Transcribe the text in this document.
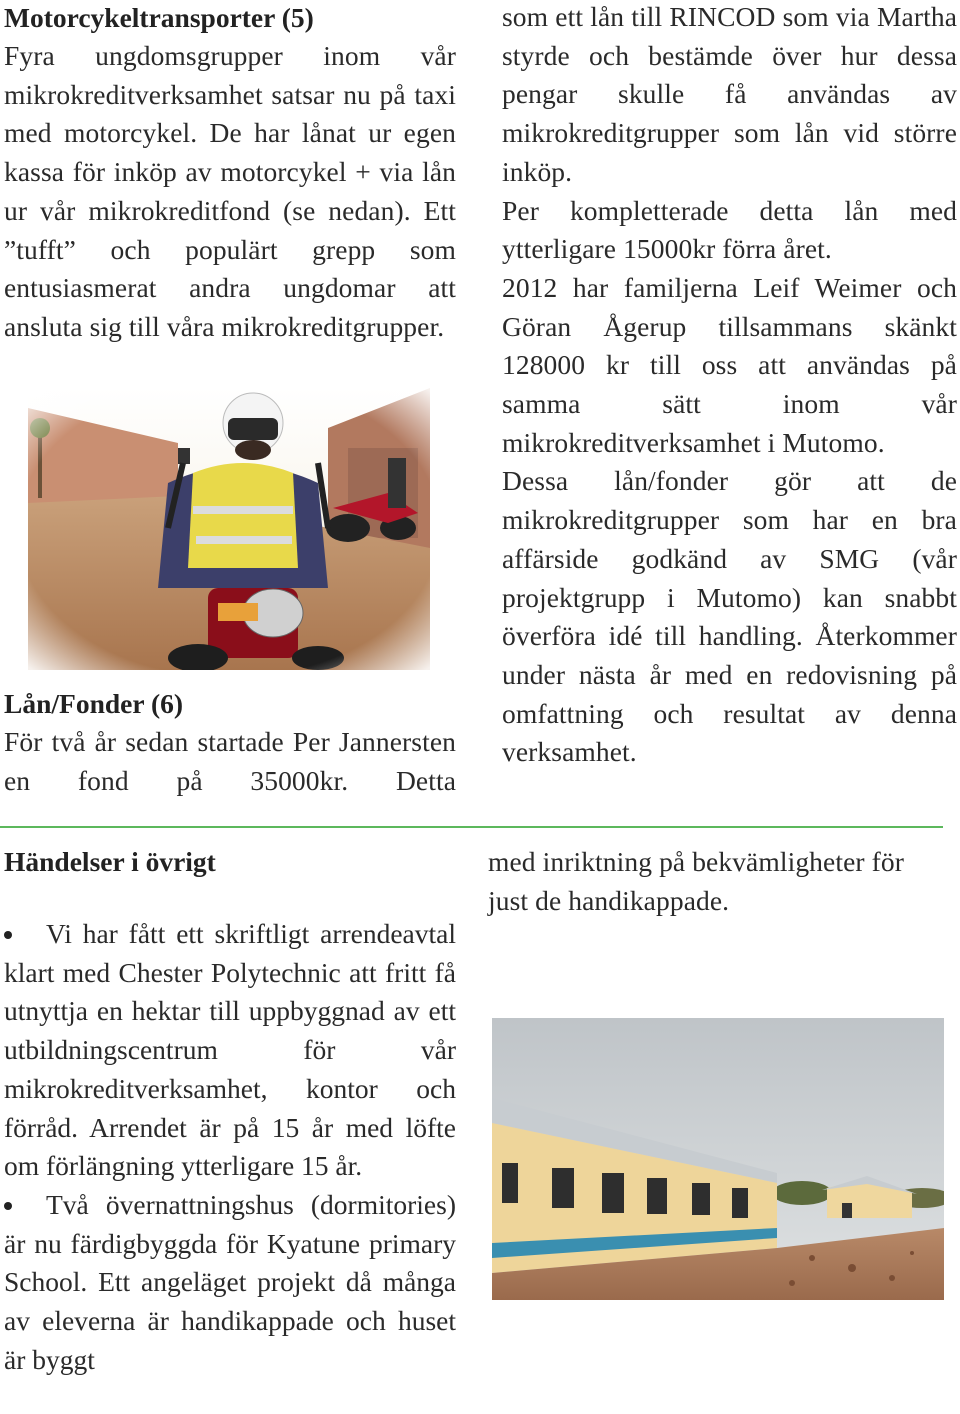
Motorcykeltransporter (5)

Fyra ungdomsgrupper inom vår mikrokreditverksamhet satsar nu på taxi med motorcykel. De har lånat ur egen kassa för inköp av motorcykel + via lån ur vår mikrokreditfond (se nedan). Ett ”tufft” och populärt grepp som entusiasmerat andra ungdomar att ansluta sig till våra mikrokreditgrupper.

Lån/Fonder (6)

För två år sedan startade Per Jannersten en fond på 35000kr. Detta

som ett lån till RINCOD som via Martha styrde och bestämde över hur dessa pengar skulle få användas av mikrokreditgrupper som lån vid större inköp.

Per kompletterade detta lån med ytterligare 15000kr förra året.

2012 har familjerna Leif Weimer och Göran Ågerup tillsammans skänkt 128000 kr till oss att användas på samma sätt inom vår mikrokreditverksamhet i Mutomo.

Dessa lån/fonder gör att de mikrokreditgrupper som har en bra affärside godkänd av SMG (vår projektgrupp i Mutomo) kan snabbt överföra idé till handling. Återkommer under nästa år med en redovisning på omfattning och resultat av denna verksamhet.

Händelser i övrigt
Vi har fått ett skriftligt arrendeavtal klart med Chester Polytechnic att fritt få utnyttja en hektar till uppbyggnad av ett utbildningscentrum för vår mikrokreditverksamhet, kontor och förråd. Arrendet är på 15 år med löfte om förlängning ytterligare 15 år.
Två övernattningshus (dormitories) är nu färdigbyggda för Kyatune primary School. Ett angeläget projekt då många av eleverna är handikappade och huset är byggt

med inriktning på bekvämligheter för just de handikappade.
